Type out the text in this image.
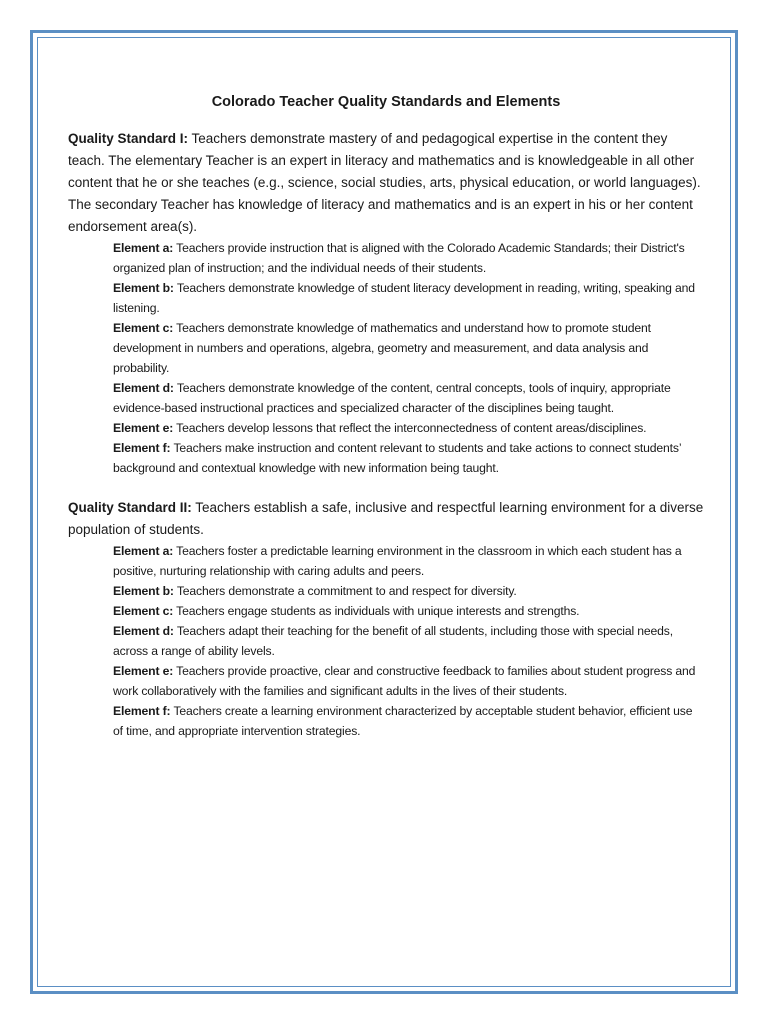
Colorado Teacher Quality Standards and Elements

Quality Standard I: Teachers demonstrate mastery of and pedagogical expertise in the content they teach. The elementary Teacher is an expert in literacy and mathematics and is knowledgeable in all other content that he or she teaches (e.g., science, social studies, arts, physical education, or world languages). The secondary Teacher has knowledge of literacy and mathematics and is an expert in his or her content endorsement area(s).

Element a: Teachers provide instruction that is aligned with the Colorado Academic Standards; their District's organized plan of instruction; and the individual needs of their students.

Element b: Teachers demonstrate knowledge of student literacy development in reading, writing, speaking and listening.

Element c: Teachers demonstrate knowledge of mathematics and understand how to promote student development in numbers and operations, algebra, geometry and measurement, and data analysis and probability.

Element d: Teachers demonstrate knowledge of the content, central concepts, tools of inquiry, appropriate evidence-based instructional practices and specialized character of the disciplines being taught.

Element e: Teachers develop lessons that reflect the interconnectedness of content areas/disciplines.

Element f: Teachers make instruction and content relevant to students and take actions to connect students’ background and contextual knowledge with new information being taught.

Quality Standard II: Teachers establish a safe, inclusive and respectful learning environment for a diverse population of students.

Element a: Teachers foster a predictable learning environment in the classroom in which each student has a positive, nurturing relationship with caring adults and peers.

Element b: Teachers demonstrate a commitment to and respect for diversity.

Element c: Teachers engage students as individuals with unique interests and strengths.

Element d: Teachers adapt their teaching for the benefit of all students, including those with special needs, across a range of ability levels.

Element e: Teachers provide proactive, clear and constructive feedback to families about student progress and work collaboratively with the families and significant adults in the lives of their students.

Element f: Teachers create a learning environment characterized by acceptable student behavior, efficient use of time, and appropriate intervention strategies.
